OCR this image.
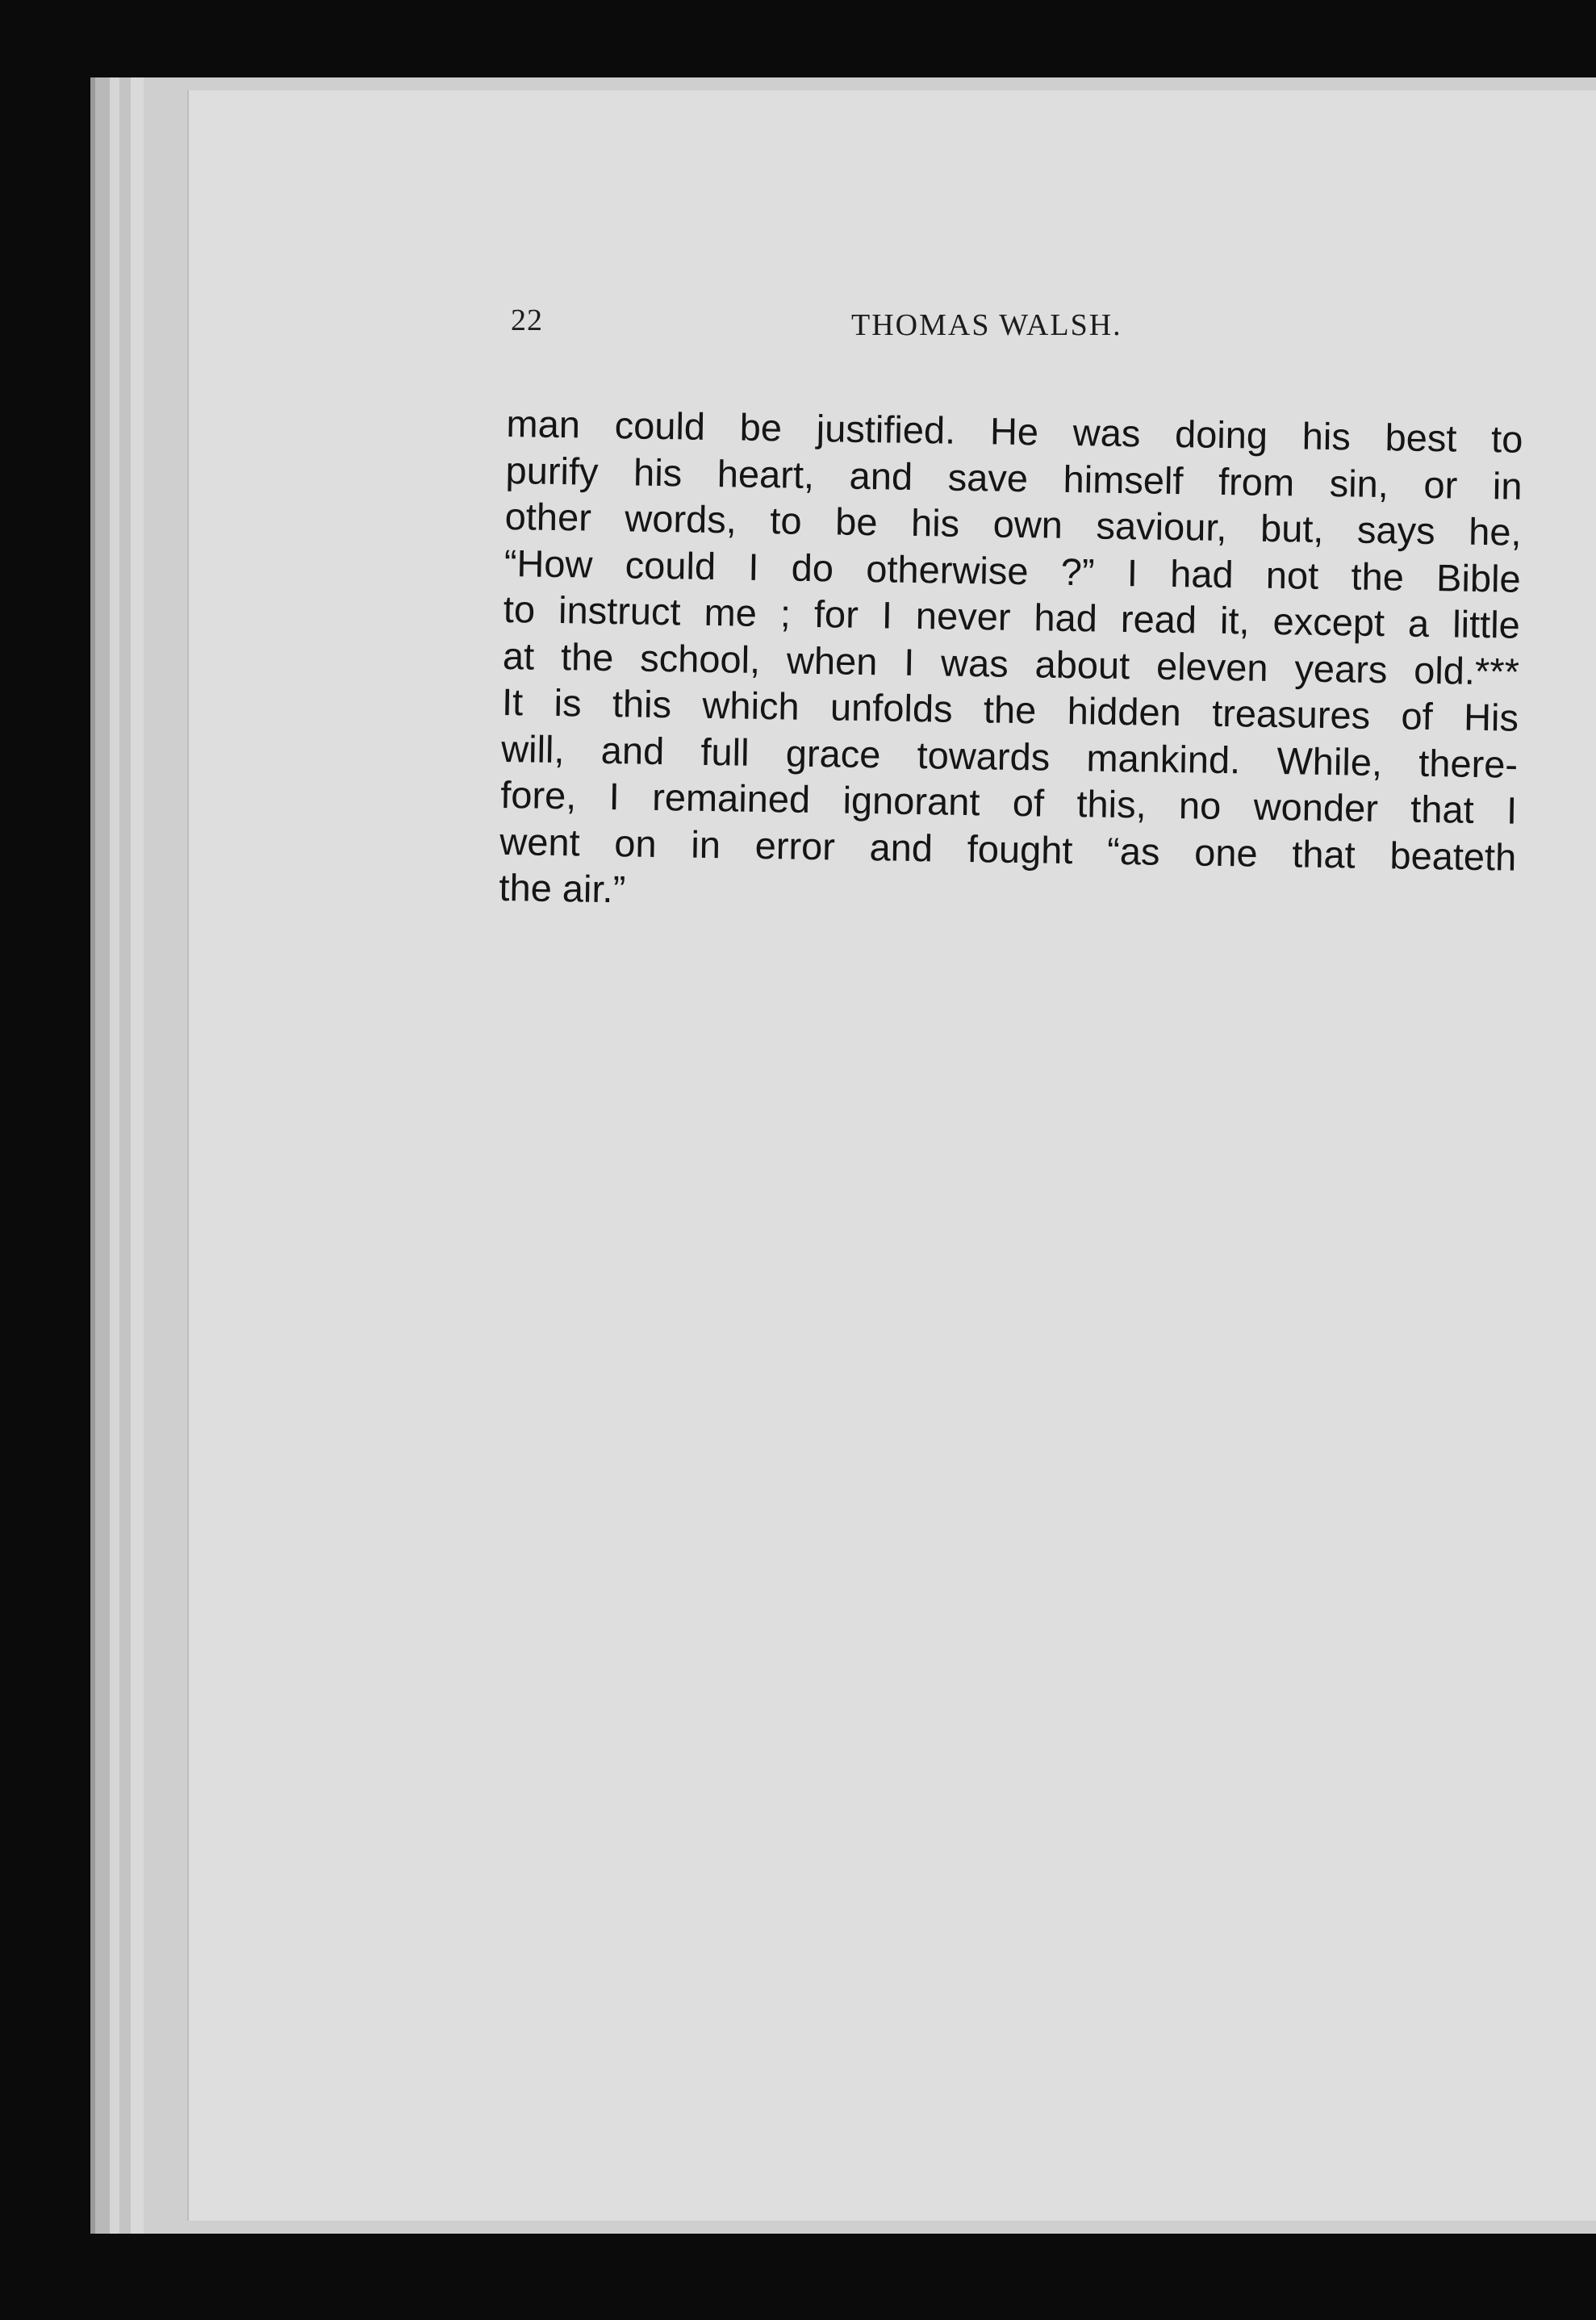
22	THOMAS WALSH.
man could be justified. He was doing his best to
purify his heart, and save himself from sin, or in
other words, to be his own saviour, but, says he,
“How could I do otherwise ?” I had not the Bible
to instruct me ; for I never had read it, except a little
at the school, when I was about eleven years old.***
It is this which unfolds the hidden treasures of His
will, and full grace towards mankind. While, there-
fore, I remained ignorant of this, no wonder that I
went on in error and fought “as one that beateth
the air.”
